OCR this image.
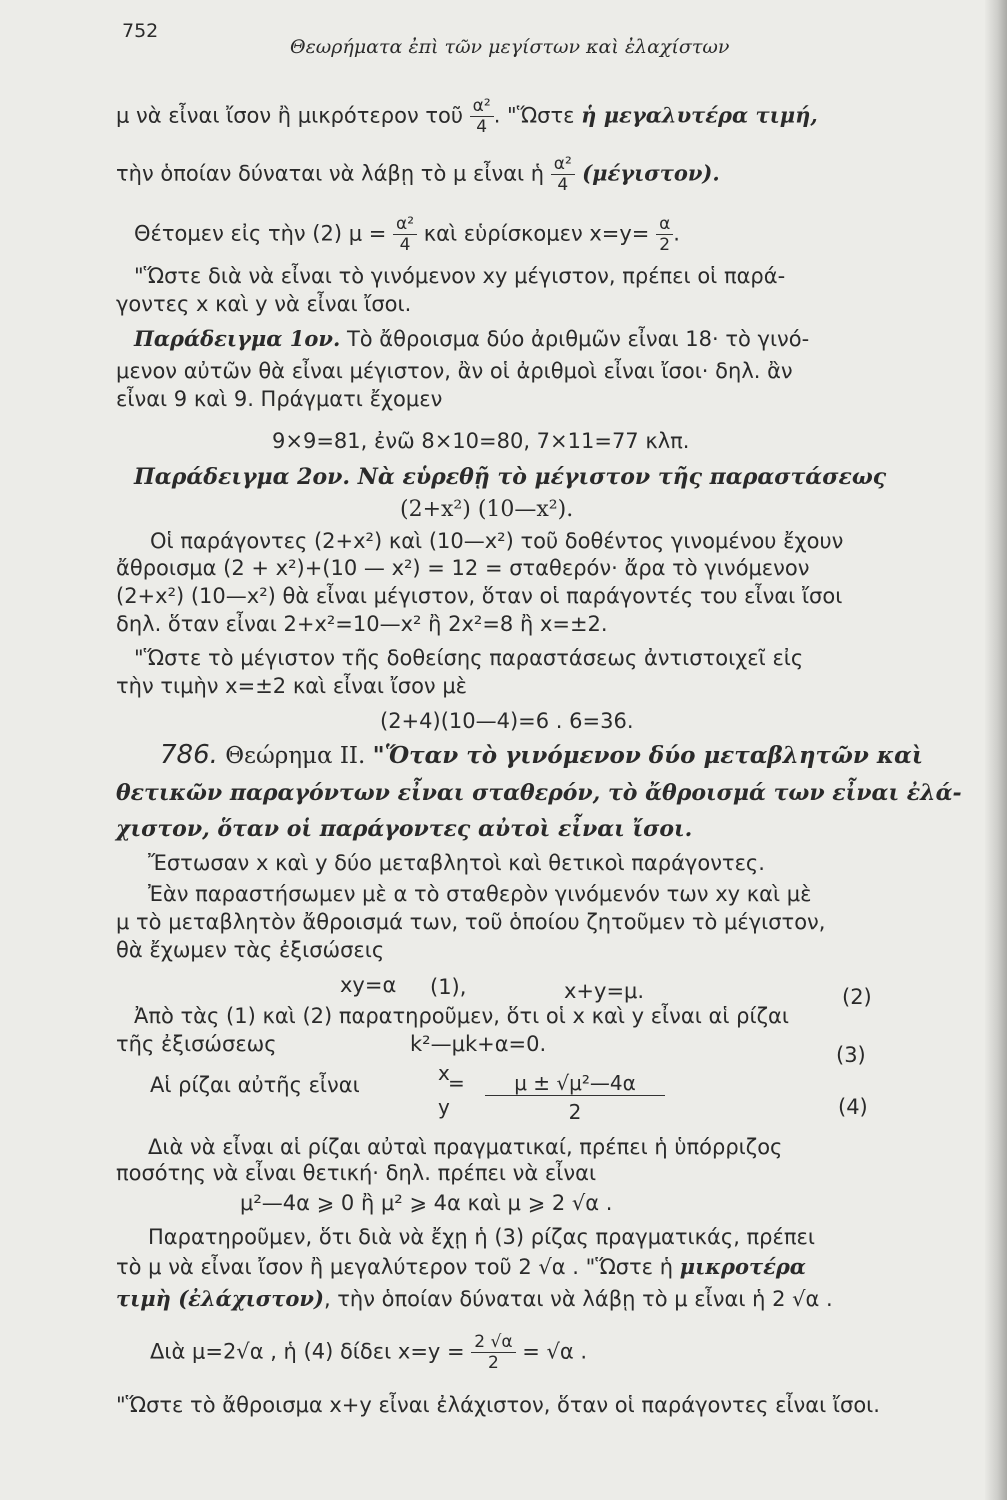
752
Θεωρήματα ἐπὶ τῶν μεγίστων καὶ ἐλαχίστων
μ νὰ εἶναι ἴσον ἢ μικρότερον τοῦ $\frac{\text{α²}}{4}$ . "Ὥστε ἡ μεγαλυτέρα τιμή,
τὴν ὁποίαν δύναται νὰ λάβῃ τὸ μ εἶναι ἡ $\frac{\text{α²}}{4} (\mu έ\gamma\iota\sigma\tau o\nu)$.
Θέτομεν εἰς τὴν (2) $\mu = \frac{\text{α²}}{4}$ καὶ εὑρίσκομεν $x=y= \frac{\alpha}{2}$ .
"Ὥστε διὰ νὰ εἶναι τὸ γινόμενον xy μέγιστον, πρέπει οἱ παρά-
γοντες x καὶ y νὰ εἶναι ἴσοι.
Παράδειγμα 1ον. Τὸ ἄθροισμα δύο ἀριθμῶν εἶναι 18· τὸ γινό-
μενον αὐτῶν θὰ εἶναι μέγιστον, ἂν οἱ ἀριθμοὶ εἶναι ἴσοι· δηλ. ἂν
εἶναι 9 καὶ 9. Πράγματι ἔχομεν
9×9=81, ἐνῶ 8×10=80, 7×11=77 κλπ.
Παράδειγμα 2ον. Νὰ εὑρεθῇ τὸ μέγιστον τῆς παραστάσεως
(2+x²) (10—x²).
Οἱ παράγοντες (2+x²) καὶ (10—x²) τοῦ δοθέντος γινομένου ἔχουν
ἄθροισμα (2 + x²)+(10 — x²) = 12 = σταθερόν· ἄρα τὸ γινόμενον
(2+x²) (10—x²) θὰ εἶναι μέγιστον, ὅταν οἱ παράγοντές του εἶναι ἴσοι
δηλ. ὅταν εἶναι 2+x²=10—x² ἢ 2x²=8 ἢ x=±2.
"Ὥστε τὸ μέγιστον τῆς δοθείσης παραστάσεως ἀντιστοιχεῖ εἰς
τὴν τιμὴν x=±2 καὶ εἶναι ἴσον μὲ
(2+4)(10—4)=6 . 6=36.
786. Θεώρημα II. "Ὅταν τὸ γινόμενον δύο μεταβλητῶν καὶ
θετικῶν παραγόντων εἶναι σταθερόν, τὸ ἄθροισμά των εἶναι ἐλά-
χιστον, ὅταν οἱ παράγοντες αὐτοὶ εἶναι ἴσοι.
Ἔστωσαν x καὶ y δύο μεταβλητοὶ καὶ θετικοὶ παράγοντες.
Ἐὰν παραστήσωμεν μὲ α τὸ σταθερὸν γινόμενόν των xy καὶ μὲ
μ τὸ μεταβλητὸν ἄθροισμά των, τοῦ ὁποίου ζητοῦμεν τὸ μέγιστον,
θὰ ἔχωμεν τὰς ἐξισώσεις
xy=α (1),	x+y=μ.	(2)
Ἀπὸ τὰς (1) καὶ (2) παρατηροῦμεν, ὅτι οἱ x καὶ y εἶναι αἱ ρίζαι
τῆς ἐξισώσεως	k²—μk+α=0.	(3)
Αἱ ρίζαι αὐτῆς εἶναι	x
=
y
μ ± √μ²—4α
2	(4)
Διὰ νὰ εἶναι αἱ ρίζαι αὐταὶ πραγματικαί, πρέπει ἡ ὑπόρριζος
ποσότης νὰ εἶναι θετική· δηλ. πρέπει νὰ εἶναι
μ²—4α ⩾ 0 ἢ μ² ⩾ 4α καὶ μ ⩾ 2 √α .
Παρατηροῦμεν, ὅτι διὰ νὰ ἔχῃ ἡ (3) ρίζας πραγματικάς, πρέπει
τὸ μ νὰ εἶναι ἴσον ἢ μεγαλύτερον τοῦ 2 √α . "Ὥστε ἡ μικροτέρα
τιμὴ (ἐλάχιστον), τὴν ὁποίαν δύναται νὰ λάβῃ τὸ μ εἶναι ἡ 2 √α .
Διὰ μ=2√α , ἡ (4) δίδει $x=y = \frac{2 √\alpha}{2} = √\alpha$ .
"Ὥστε τὸ ἄθροισμα x+y εἶναι ἐλάχιστον, ὅταν οἱ παράγοντες εἶναι ἴσοι.
